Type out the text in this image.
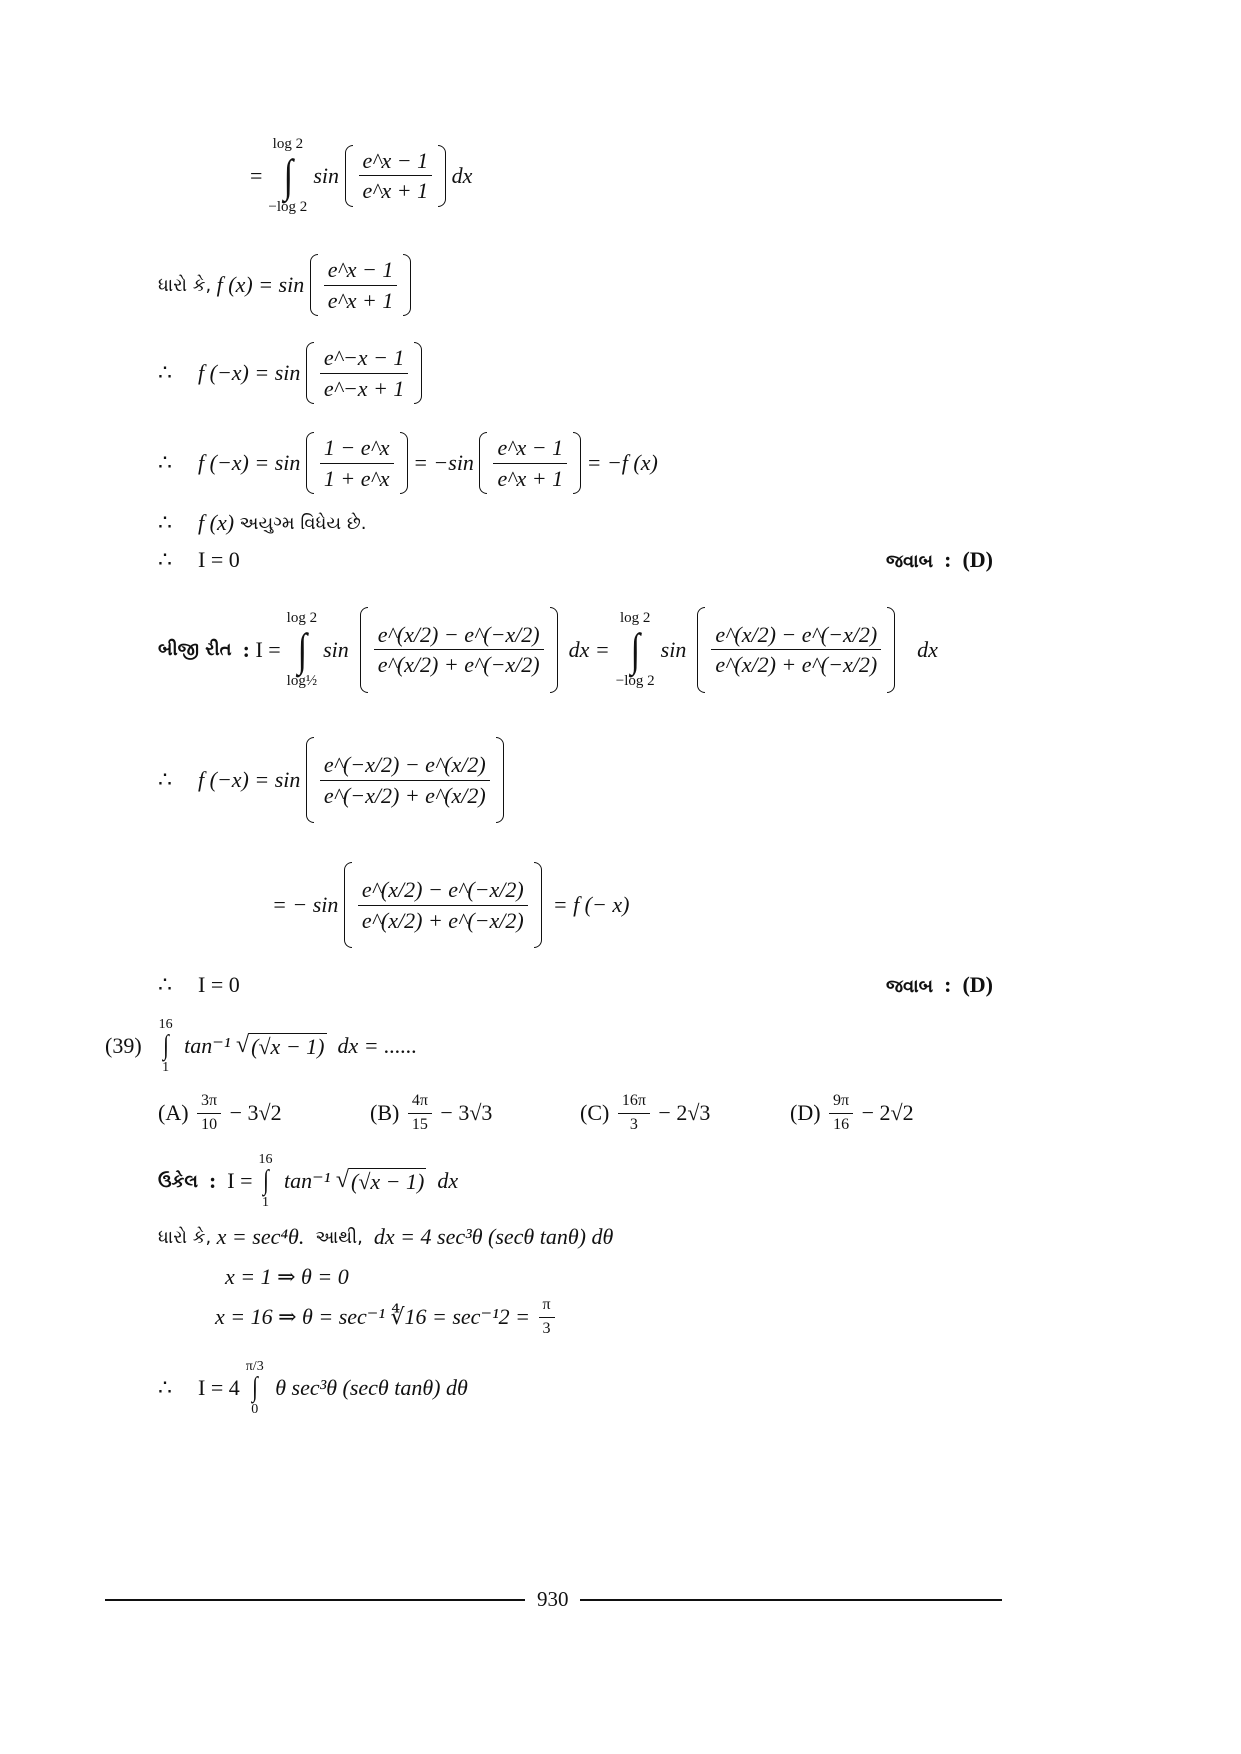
=
log 2
∫
−log 2
sin
$\frac{e\^{}x - 1}{e\^{}x + 1}$
dx
ધારો કે,
f (x) = sin
$\frac{e\^{}x - 1}{e\^{}x + 1}$
∴	f (−x) = sin
$\frac{e\^{}-x - 1}{e\^{}-x + 1}$
∴	f (−x) = sin
$\frac{1 - e\^{}x}{1 + e\^{}x}$
= −sin
$\frac{e\^{}x - 1}{e\^{}x + 1}$
= −f (x)
∴	f (x)
અયુગ્મ વિધેય છે.
∴	I = 0	જવાબ : (D)
બીજી રીત
:
I =
log 2
∫
log½
sin
$\frac{e\^{}(x/2) - e\^{}(-x/2)}{e\^{}(x/2) + e\^{}(-x/2)}$
dx =
log 2
∫
−log 2
sin
$\frac{e\^{}(x/2) - e\^{}(-x/2)}{e\^{}(x/2) + e\^{}(-x/2)}$
dx
∴	f (−x) = sin
$\frac{e\^{}(-x/2) - e\^{}(x/2)}{e\^{}(-x/2) + e\^{}(x/2)}$
= − sin
$\frac{e\^{}(x/2) - e\^{}(-x/2)}{e\^{}(x/2) + e\^{}(-x/2)}$
= f (− x)
∴	I = 0	જવાબ : (D)
(39)

16
∫
1

tan⁻¹
√ (√x − 1)
dx = ......
(A)
$\frac{3\pi}{10}$
− 3√2	(B)
$\frac{4\pi}{15}$
− 3√3	(C)
$\frac{16\pi}{3}$
− 2√3	(D)
$\frac{9\pi}{16}$
− 2√2
ઉકેલ
:
I =
16
∫
1

tan⁻¹
√ (√x − 1)
dx
ધારો કે,
x = sec⁴θ.
આથી,
dx = 4 sec³θ (secθ tanθ) dθ
x = 1 ⇒ θ = 0
x = 16 ⇒ θ = sec⁻¹ ∜16 = sec⁻¹2 =
$\frac{\pi}{3}$
∴	I = 4
π/3
∫
0

θ sec³θ (secθ tanθ) dθ
930
